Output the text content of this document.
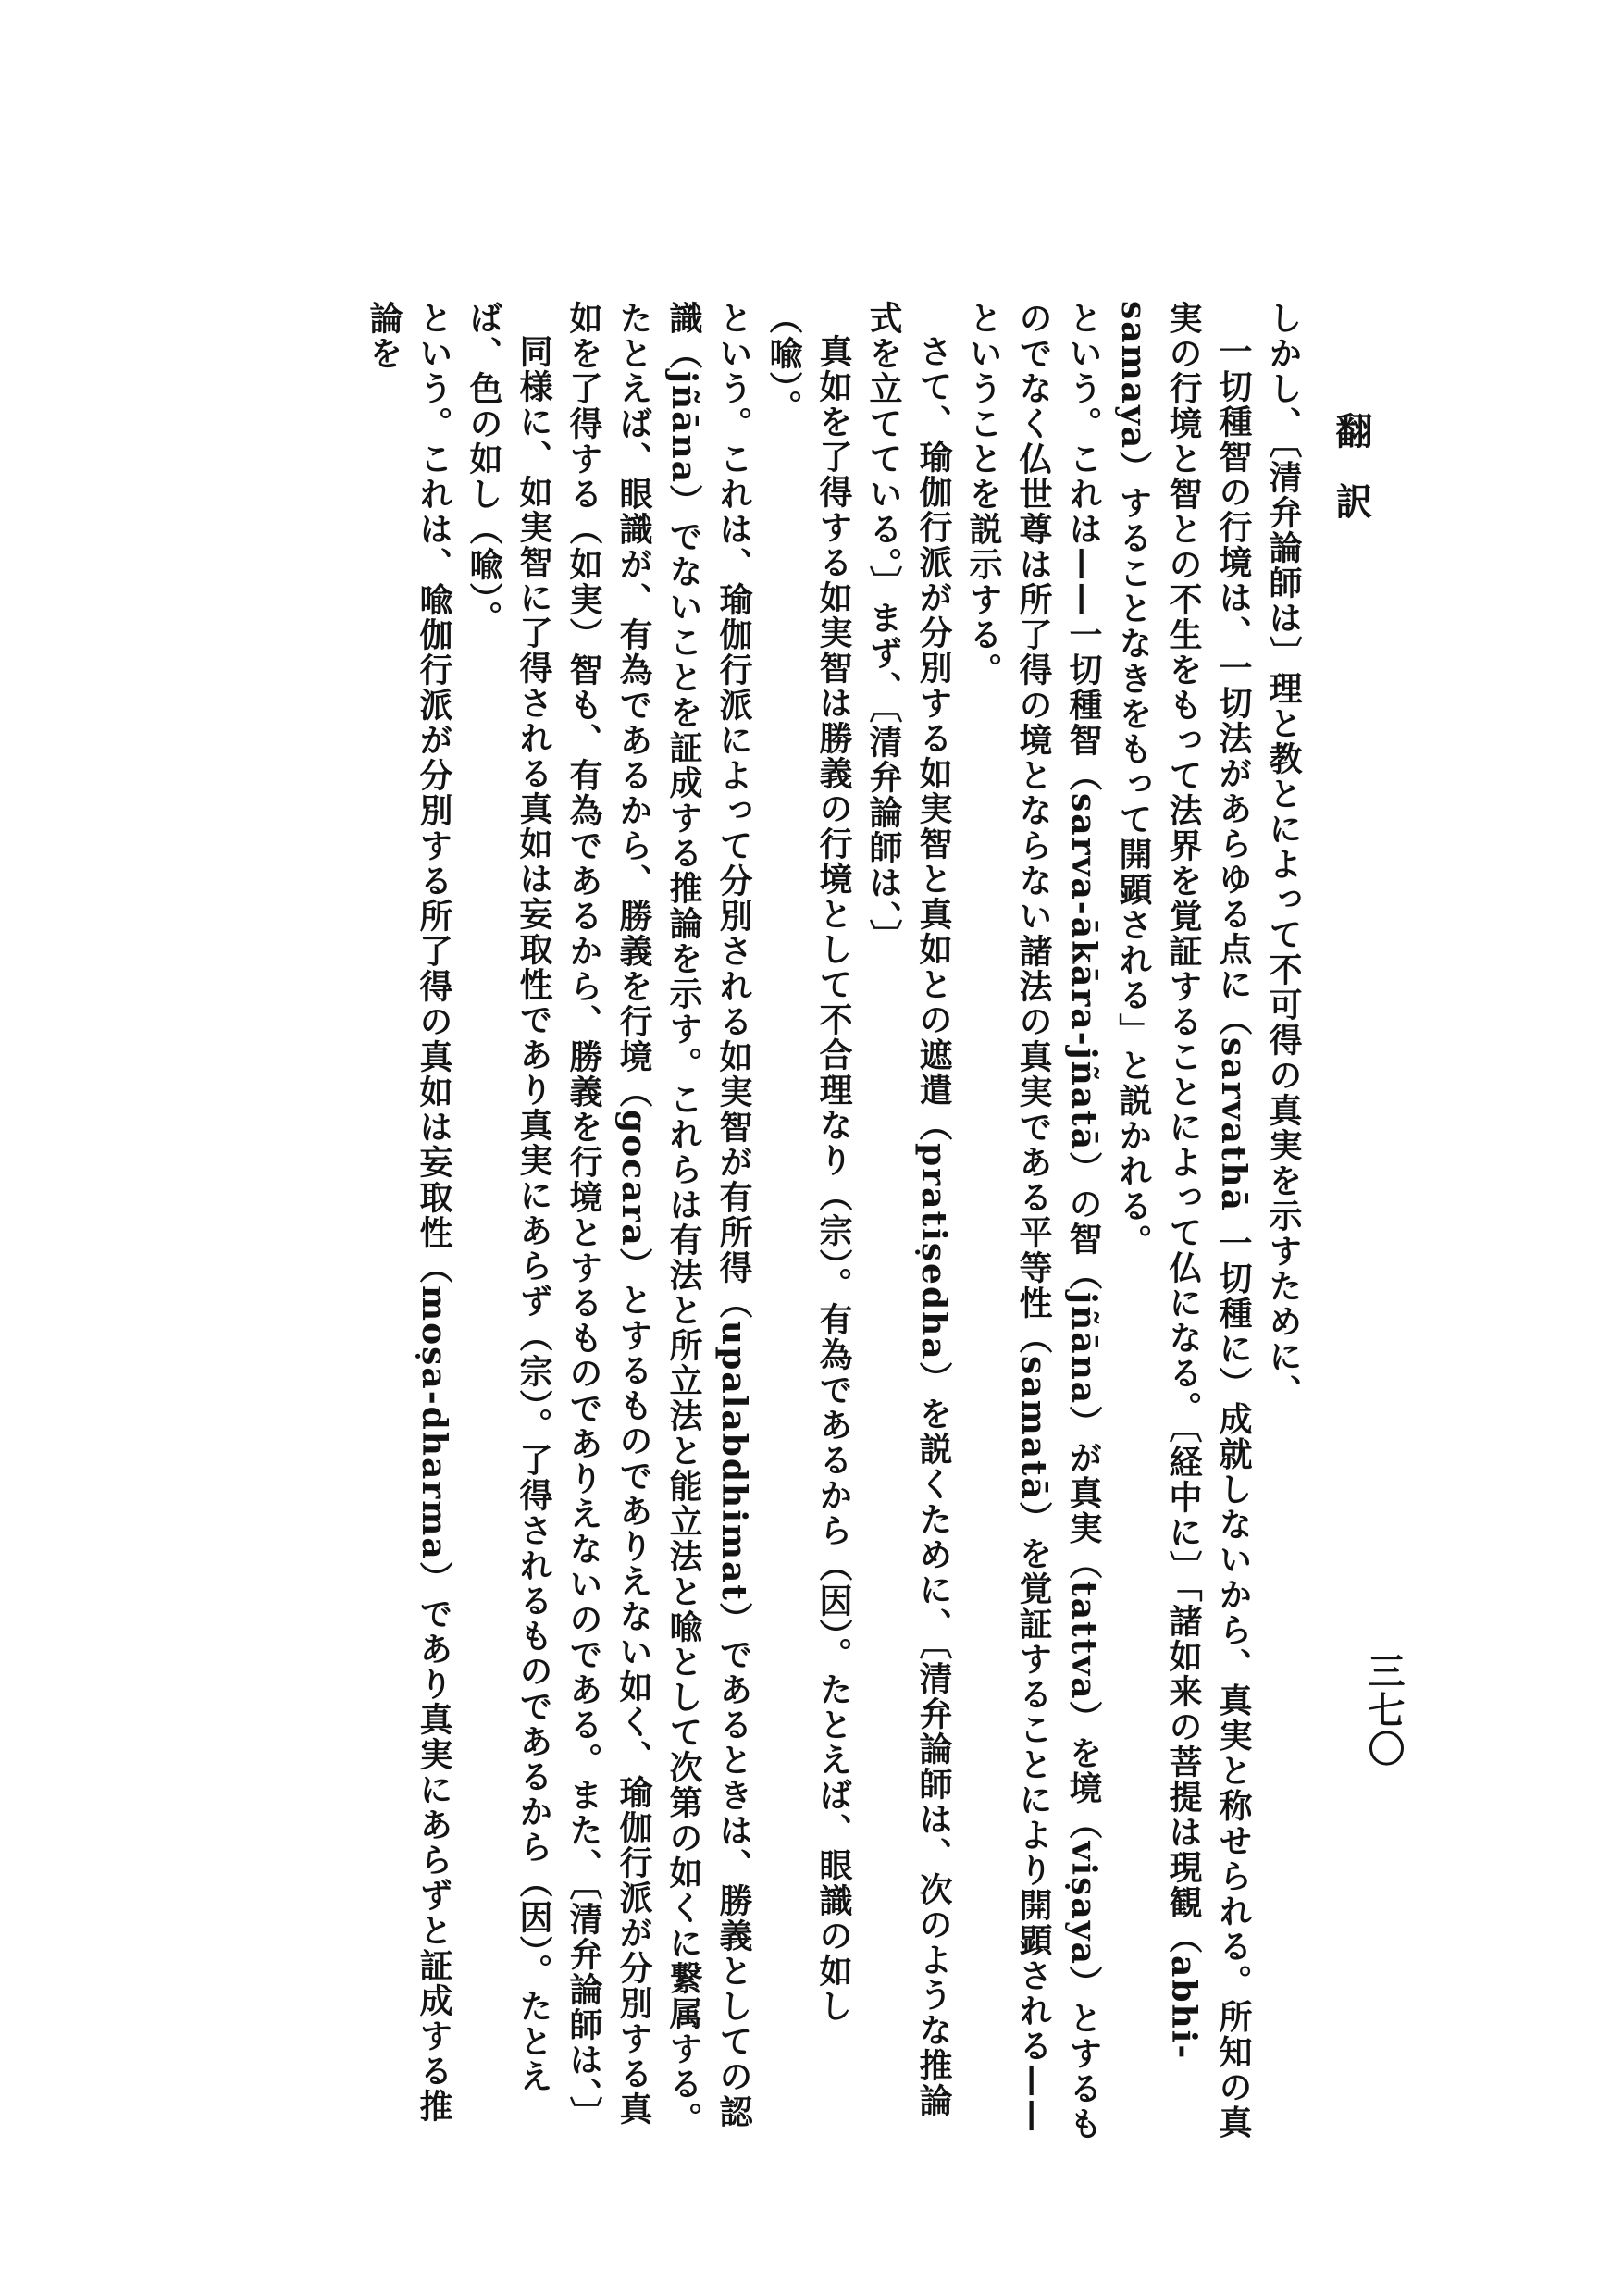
翻訳
三七〇

しかし、〔清弁論師は〕理と教とによって不可得の真実を示すために、

一切種智の行境は、一切法があらゆる点に（sarvathā 一切種に）成就しないから、真実と称せられる。所知の真実の行境と智との不生をもって法界を覚証することによって仏になる。〔経中に〕「諸如来の菩提は現観（abhi-samaya）することなきをもって開顕される」と説かれる。

という。これは——一切種智（sarva-ākāra-jñatā）の智（jñāna）が真実（tattva）を境（viṣaya）とするものでなく仏世尊は所了得の境とならない諸法の真実である平等性（samatā）を覚証することにより開顕される——ということを説示する。

さて、瑜伽行派が分別する如実智と真如との遮遣（pratiṣedha）を説くために、〔清弁論師は、次のような推論式を立てている。〕まず、〔清弁論師は、〕

真如を了得する如実智は勝義の行境として不合理なり（宗）。有為であるから（因）。たとえば、眼識の如し（喩）。

という。これは、瑜伽行派によって分別される如実智が有所得（upalabdhimat）であるときは、勝義としての認識（jñāna）でないことを証成する推論を示す。これらは有法と所立法と能立法と喩として次第の如くに繋属する。たとえば、眼識が、有為であるから、勝義を行境（gocara）とするものでありえない如く、瑜伽行派が分別する真如を了得する（如実）智も、有為であるから、勝義を行境とするものでありえないのである。また、〔清弁論師は、〕

同様に、如実智に了得される真如は妄取性であり真実にあらず（宗）。了得されるものであるから（因）。たとえば、色の如し（喩）。

という。これは、喩伽行派が分別する所了得の真如は妄取性（moṣa-dharma）であり真実にあらずと証成する推論を
